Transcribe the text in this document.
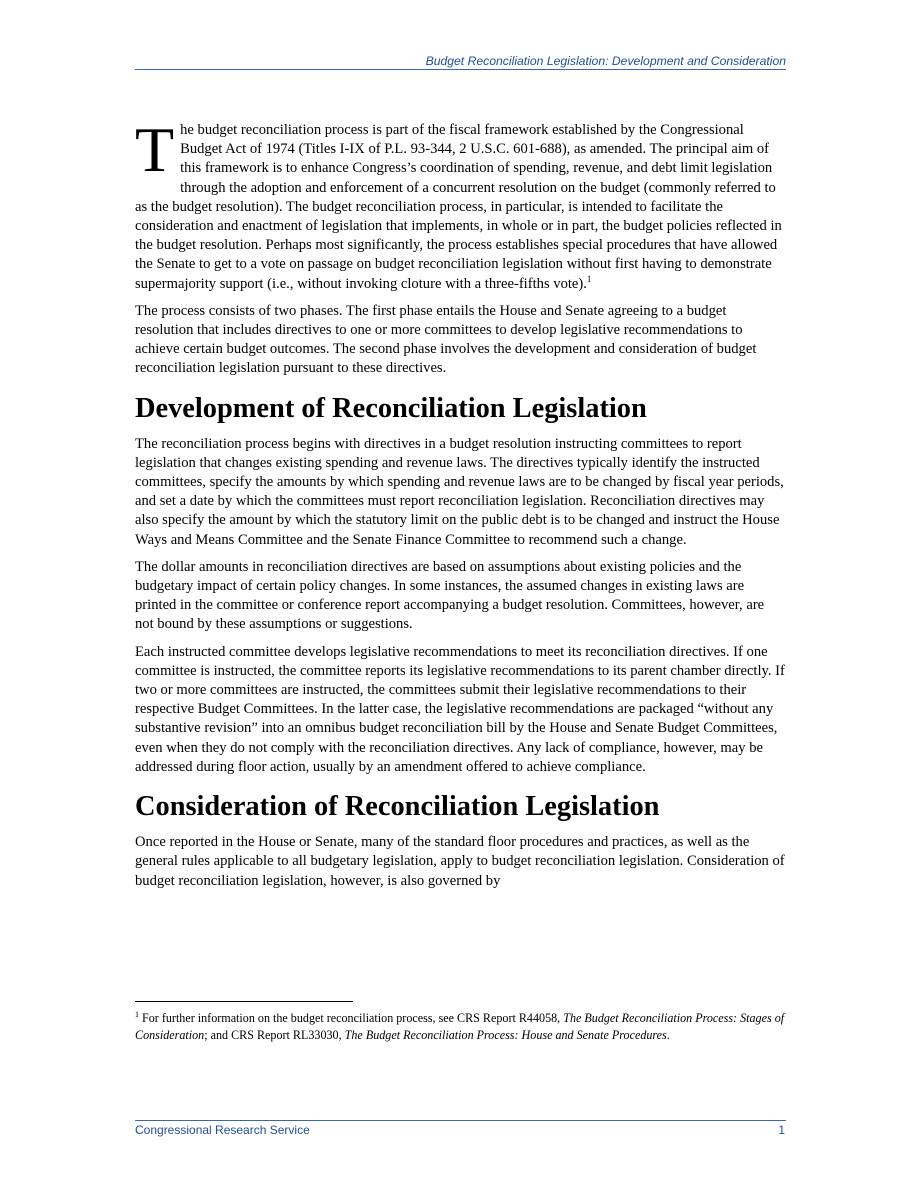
Budget Reconciliation Legislation: Development and Consideration

The budget reconciliation process is part of the fiscal framework established by the Congressional Budget Act of 1974 (Titles I-IX of P.L. 93-344, 2 U.S.C. 601-688), as amended. The principal aim of this framework is to enhance Congress’s coordination of spending, revenue, and debt limit legislation through the adoption and enforcement of a concurrent resolution on the budget (commonly referred to as the budget resolution). The budget reconciliation process, in particular, is intended to facilitate the consideration and enactment of legislation that implements, in whole or in part, the budget policies reflected in the budget resolution. Perhaps most significantly, the process establishes special procedures that have allowed the Senate to get to a vote on passage on budget reconciliation legislation without first having to demonstrate supermajority support (i.e., without invoking cloture with a three-fifths vote).$^1$

The process consists of two phases. The first phase entails the House and Senate agreeing to a budget resolution that includes directives to one or more committees to develop legislative recommendations to achieve certain budget outcomes. The second phase involves the development and consideration of budget reconciliation legislation pursuant to these directives.

Development of Reconciliation Legislation

The reconciliation process begins with directives in a budget resolution instructing committees to report legislation that changes existing spending and revenue laws. The directives typically identify the instructed committees, specify the amounts by which spending and revenue laws are to be changed by fiscal year periods, and set a date by which the committees must report reconciliation legislation. Reconciliation directives may also specify the amount by which the statutory limit on the public debt is to be changed and instruct the House Ways and Means Committee and the Senate Finance Committee to recommend such a change.

The dollar amounts in reconciliation directives are based on assumptions about existing policies and the budgetary impact of certain policy changes. In some instances, the assumed changes in existing laws are printed in the committee or conference report accompanying a budget resolution. Committees, however, are not bound by these assumptions or suggestions.

Each instructed committee develops legislative recommendations to meet its reconciliation directives. If one committee is instructed, the committee reports its legislative recommendations to its parent chamber directly. If two or more committees are instructed, the committees submit their legislative recommendations to their respective Budget Committees. In the latter case, the legislative recommendations are packaged “without any substantive revision” into an omnibus budget reconciliation bill by the House and Senate Budget Committees, even when they do not comply with the reconciliation directives. Any lack of compliance, however, may be addressed during floor action, usually by an amendment offered to achieve compliance.

Consideration of Reconciliation Legislation

Once reported in the House or Senate, many of the standard floor procedures and practices, as well as the general rules applicable to all budgetary legislation, apply to budget reconciliation legislation. Consideration of budget reconciliation legislation, however, is also governed by

$^1$ For further information on the budget reconciliation process, see CRS Report R44058, The Budget Reconciliation Process: Stages of Consideration; and CRS Report RL33030, The Budget Reconciliation Process: House and Senate Procedures.
Congressional Research Service	1
